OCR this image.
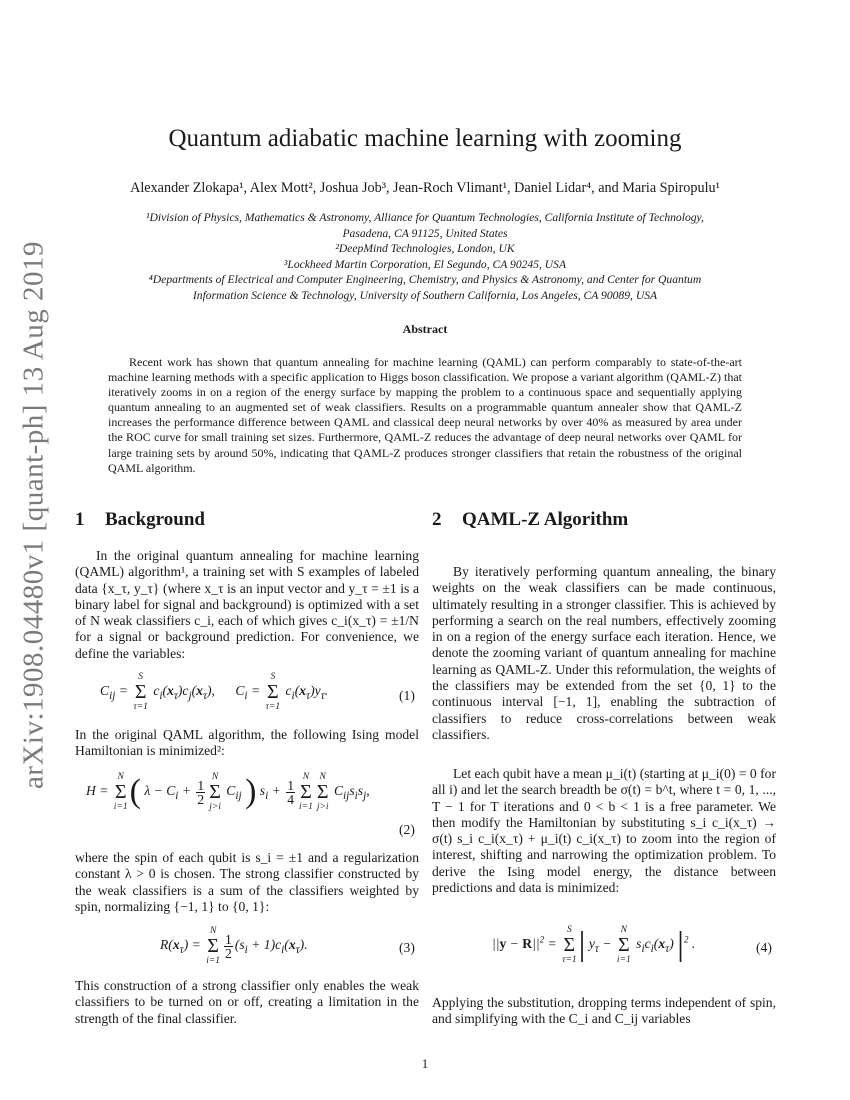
arXiv:1908.04480v1 [quant-ph] 13 Aug 2019
Quantum adiabatic machine learning with zooming
Alexander Zlokapa¹, Alex Mott², Joshua Job³, Jean-Roch Vlimant¹, Daniel Lidar⁴, and Maria Spiropulu¹
¹Division of Physics, Mathematics & Astronomy, Alliance for Quantum Technologies, California Institute of Technology,
Pasadena, CA 91125, United States
²DeepMind Technologies, London, UK
³Lockheed Martin Corporation, El Segundo, CA 90245, USA
⁴Departments of Electrical and Computer Engineering, Chemistry, and Physics & Astronomy, and Center for Quantum
Information Science & Technology, University of Southern California, Los Angeles, CA 90089, USA
Abstract
Recent work has shown that quantum annealing for machine learning (QAML) can perform comparably to state-of-the-art machine learning methods with a specific application to Higgs boson classification. We propose a variant algorithm (QAML-Z) that iteratively zooms in on a region of the energy surface by mapping the problem to a continuous space and sequentially applying quantum annealing to an augmented set of weak classifiers. Results on a programmable quantum annealer show that QAML-Z increases the performance difference between QAML and classical deep neural networks by over 40% as measured by area under the ROC curve for small training set sizes. Furthermore, QAML-Z reduces the advantage of deep neural networks over QAML for large training sets by around 50%, indicating that QAML-Z produces stronger classifiers that retain the robustness of the original QAML algorithm.
1 Background	2 QAML-Z Algorithm

In the original quantum annealing for machine learning (QAML) algorithm¹, a training set with S examples of labeled data {x_τ, y_τ} (where x_τ is an input vector and y_τ = ±1 is a binary label for signal and background) is optimized with a set of N weak classifiers c_i, each of which gives c_i(x_τ) = ±1/N for a signal or background prediction. For convenience, we define the variables:

$C_{ij}$ =
S
Σ
τ=1
$c_i(x_\tau)c_j(x_\tau)$,      $C_i$ =
S
Σ
τ=1
$c_i(x_\tau)y_\tau$.	(1)

In the original QAML algorithm, the following Ising model Hamiltonian is minimized²:

H =
N
Σ
i=1 ( $\lambda - C_i + \frac{1}{2}$
N
Σ
j>i
$C_{ij}$ ) $s_i + \frac{1}{4}$
N
Σ
i=1
N
Σ
j>i
$C_{ij}s_is_j$,
(2)

where the spin of each qubit is s_i = ±1 and a regularization constant λ > 0 is chosen. The strong classifier constructed by the weak classifiers is a sum of the classifiers weighted by spin, normalizing {−1, 1} to {0, 1}:

$R(x_\tau)$ =
N
Σ
i=1
$\frac{1}{2} (s_i + 1)c_i(x_\tau)$.	(3)

This construction of a strong classifier only enables the weak classifiers to be turned on or off, creating a limitation in the strength of the final classifier.

By iteratively performing quantum annealing, the binary weights on the weak classifiers can be made continuous, ultimately resulting in a stronger classifier. This is achieved by performing a search on the real numbers, effectively zooming in on a region of the energy surface each iteration. Hence, we denote the zooming variant of quantum annealing for machine learning as QAML-Z. Under this reformulation, the weights of the classifiers may be extended from the set {0, 1} to the continuous interval [−1, 1], enabling the subtraction of classifiers to reduce cross-correlations between weak classifiers.

Let each qubit have a mean μ_i(t) (starting at μ_i(0) = 0 for all i) and let the search breadth be σ(t) = b^t, where t = 0, 1, ..., T − 1 for T iterations and 0 < b < 1 is a free parameter. We then modify the Hamiltonian by substituting s_i c_i(x_τ) → σ(t) s_i c_i(x_τ) + μ_i(t) c_i(x_τ) to zoom into the region of interest, shifting and narrowing the optimization problem. To derive the Ising model energy, the distance between predictions and data is minimized:

$||y - R||^2$ =
S
Σ
τ=1 | $y_\tau$ −
N
Σ
i=1
$s_ic_i(x_\tau)$ $|^2$ .	(4)

Applying the substitution, dropping terms independent of spin, and simplifying with the C_i and C_ij variables

1
